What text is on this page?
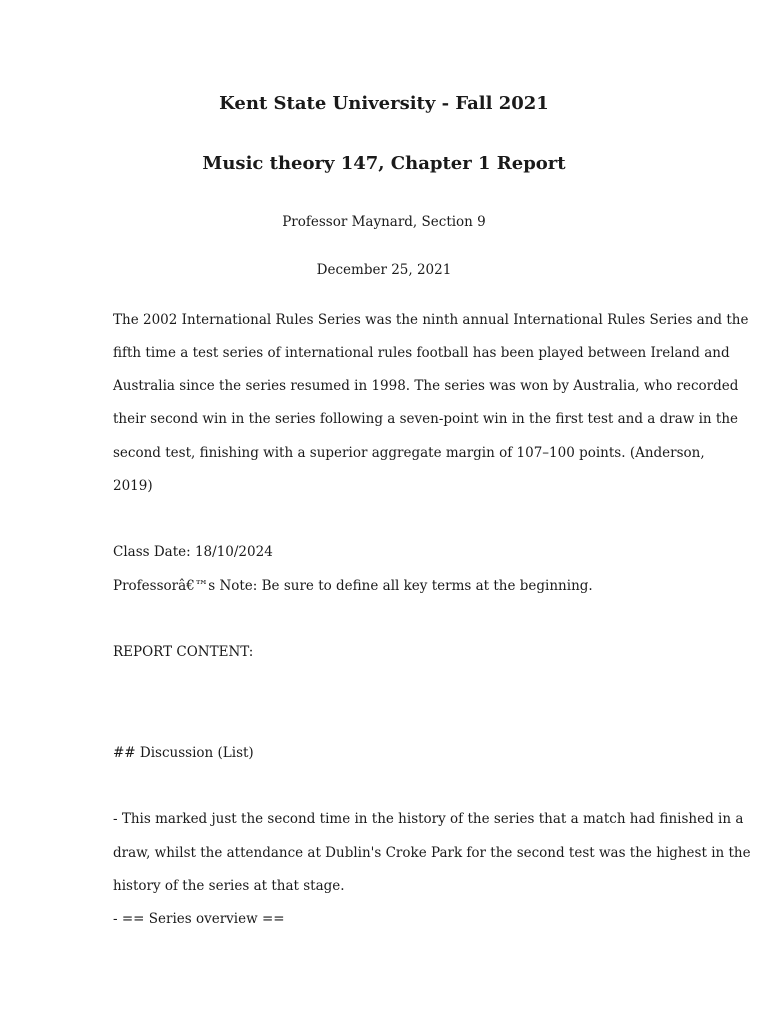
Kent State University - Fall 2021
Music theory 147, Chapter 1 Report

Professor Maynard, Section 9

December 25, 2021

The 2002 International Rules Series was the ninth annual International Rules Series and the

fifth time a test series of international rules football has been played between Ireland and

Australia since the series resumed in 1998. The series was won by Australia, who recorded

their second win in the series following a seven-point win in the first test and a draw in the

second test, finishing with a superior aggregate margin of 107–100 points. (Anderson,

2019)

Class Date: 18/10/2024

Professorâ€™s Note: Be sure to define all key terms at the beginning.

REPORT CONTENT:

## Discussion (List)

- This marked just the second time in the history of the series that a match had finished in a

draw, whilst the attendance at Dublin's Croke Park for the second test was the highest in the

history of the series at that stage.

- == Series overview ==
